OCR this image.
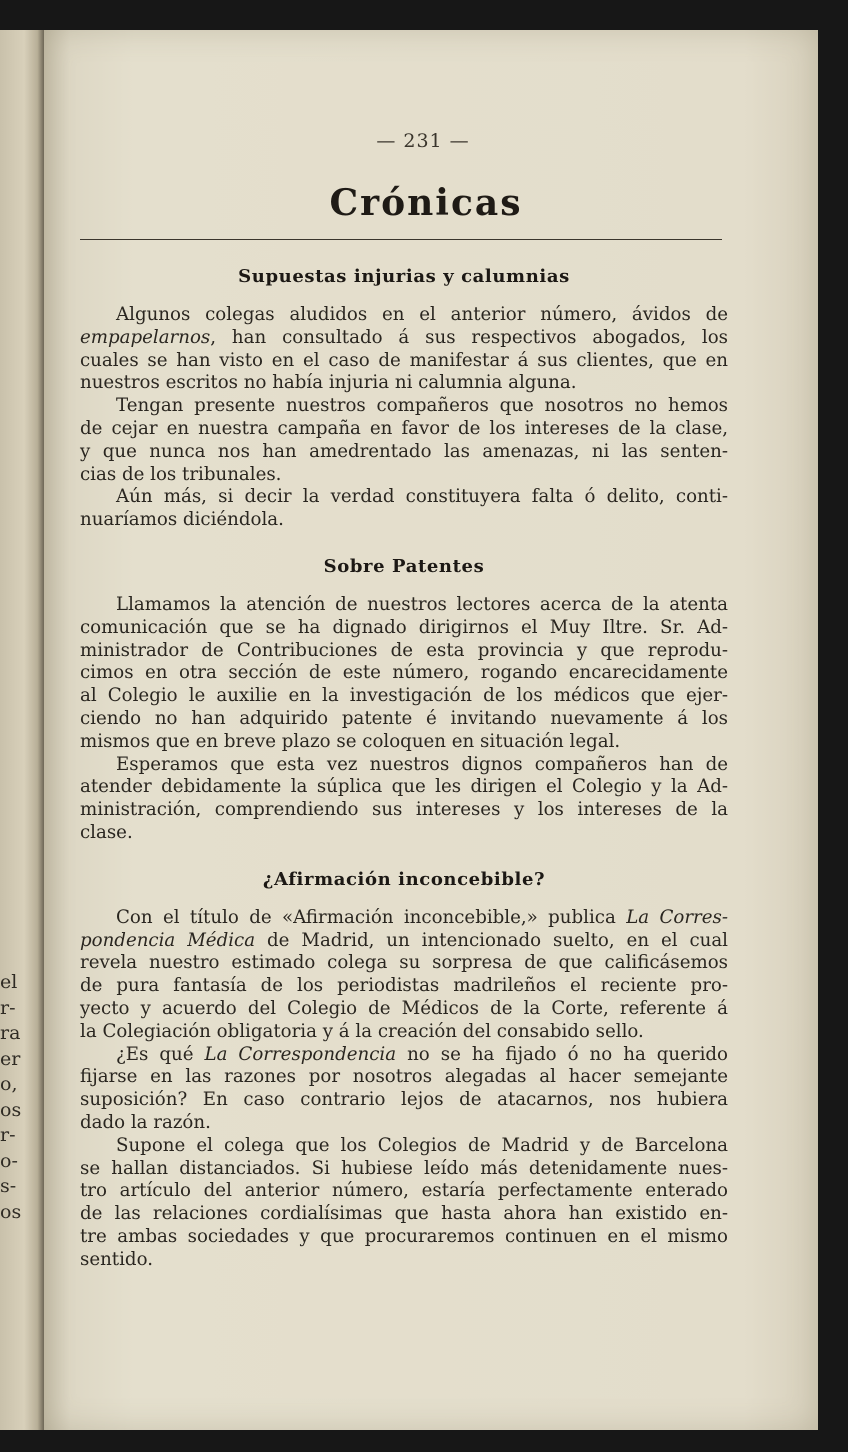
el
r-
ra
er
o,
os
r-
o-
s-
os
— 231 —
Crónicas
Supuestas injurias y calumnias
Algunos colegas aludidos en el anterior número, ávidos de
empapelarnos, han consultado á sus respectivos abogados, los
cuales se han visto en el caso de manifestar á sus clientes, que en
nuestros escritos no había injuria ni calumnia alguna.
Tengan presente nuestros compañeros que nosotros no hemos
de cejar en nuestra campaña en favor de los intereses de la clase,
y que nunca nos han amedrentado las amenazas, ni las senten-
cias de los tribunales.
Aún más, si decir la verdad constituyera falta ó delito, conti-
nuaríamos diciéndola.
Sobre Patentes
Llamamos la atención de nuestros lectores acerca de la atenta
comunicación que se ha dignado dirigirnos el Muy Iltre. Sr. Ad-
ministrador de Contribuciones de esta provincia y que reprodu-
cimos en otra sección de este número, rogando encarecidamente
al Colegio le auxilie en la investigación de los médicos que ejer-
ciendo no han adquirido patente é invitando nuevamente á los
mismos que en breve plazo se coloquen en situación legal.
Esperamos que esta vez nuestros dignos compañeros han de
atender debidamente la súplica que les dirigen el Colegio y la Ad-
ministración, comprendiendo sus intereses y los intereses de la
clase.
¿Afirmación inconcebible?
Con el título de «Afirmación inconcebible,» publica La Corres-
pondencia Médica de Madrid, un intencionado suelto, en el cual
revela nuestro estimado colega su sorpresa de que calificásemos
de pura fantasía de los periodistas madrileños el reciente pro-
yecto y acuerdo del Colegio de Médicos de la Corte, referente á
la Colegiación obligatoria y á la creación del consabido sello.
¿Es qué La Correspondencia no se ha fijado ó no ha querido
fijarse en las razones por nosotros alegadas al hacer semejante
suposición? En caso contrario lejos de atacarnos, nos hubiera
dado la razón.
Supone el colega que los Colegios de Madrid y de Barcelona
se hallan distanciados. Si hubiese leído más detenidamente nues-
tro artículo del anterior número, estaría perfectamente enterado
de las relaciones cordialísimas que hasta ahora han existido en-
tre ambas sociedades y que procuraremos continuen en el mismo
sentido.
